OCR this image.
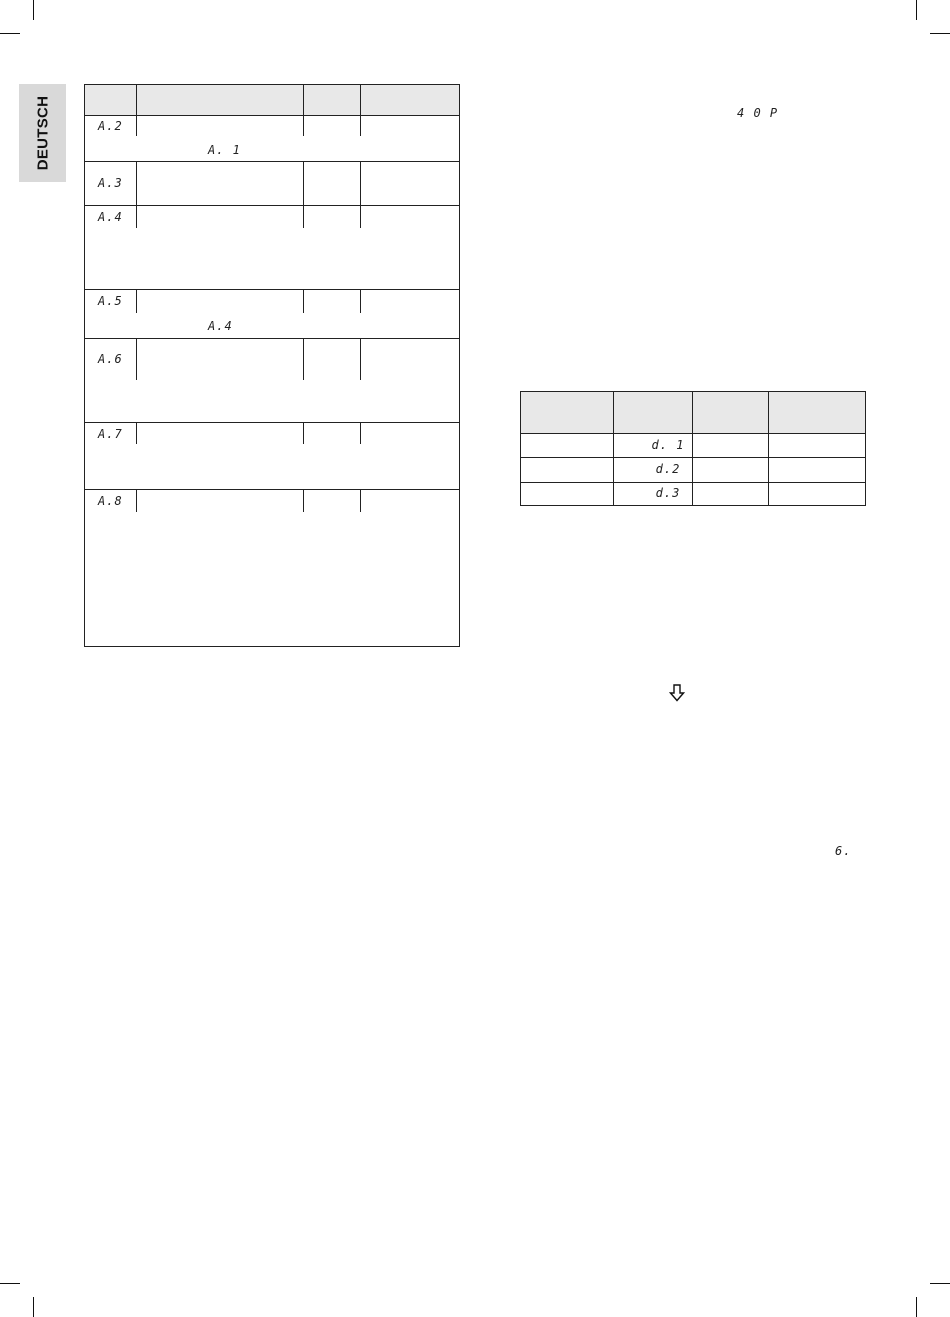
DEUTSCH	A.2
A. 1
A.3
A.4
A.5
A.4
A.6
A.7
A.8
4 0 P
d. 1
d.2
d.3
6.
